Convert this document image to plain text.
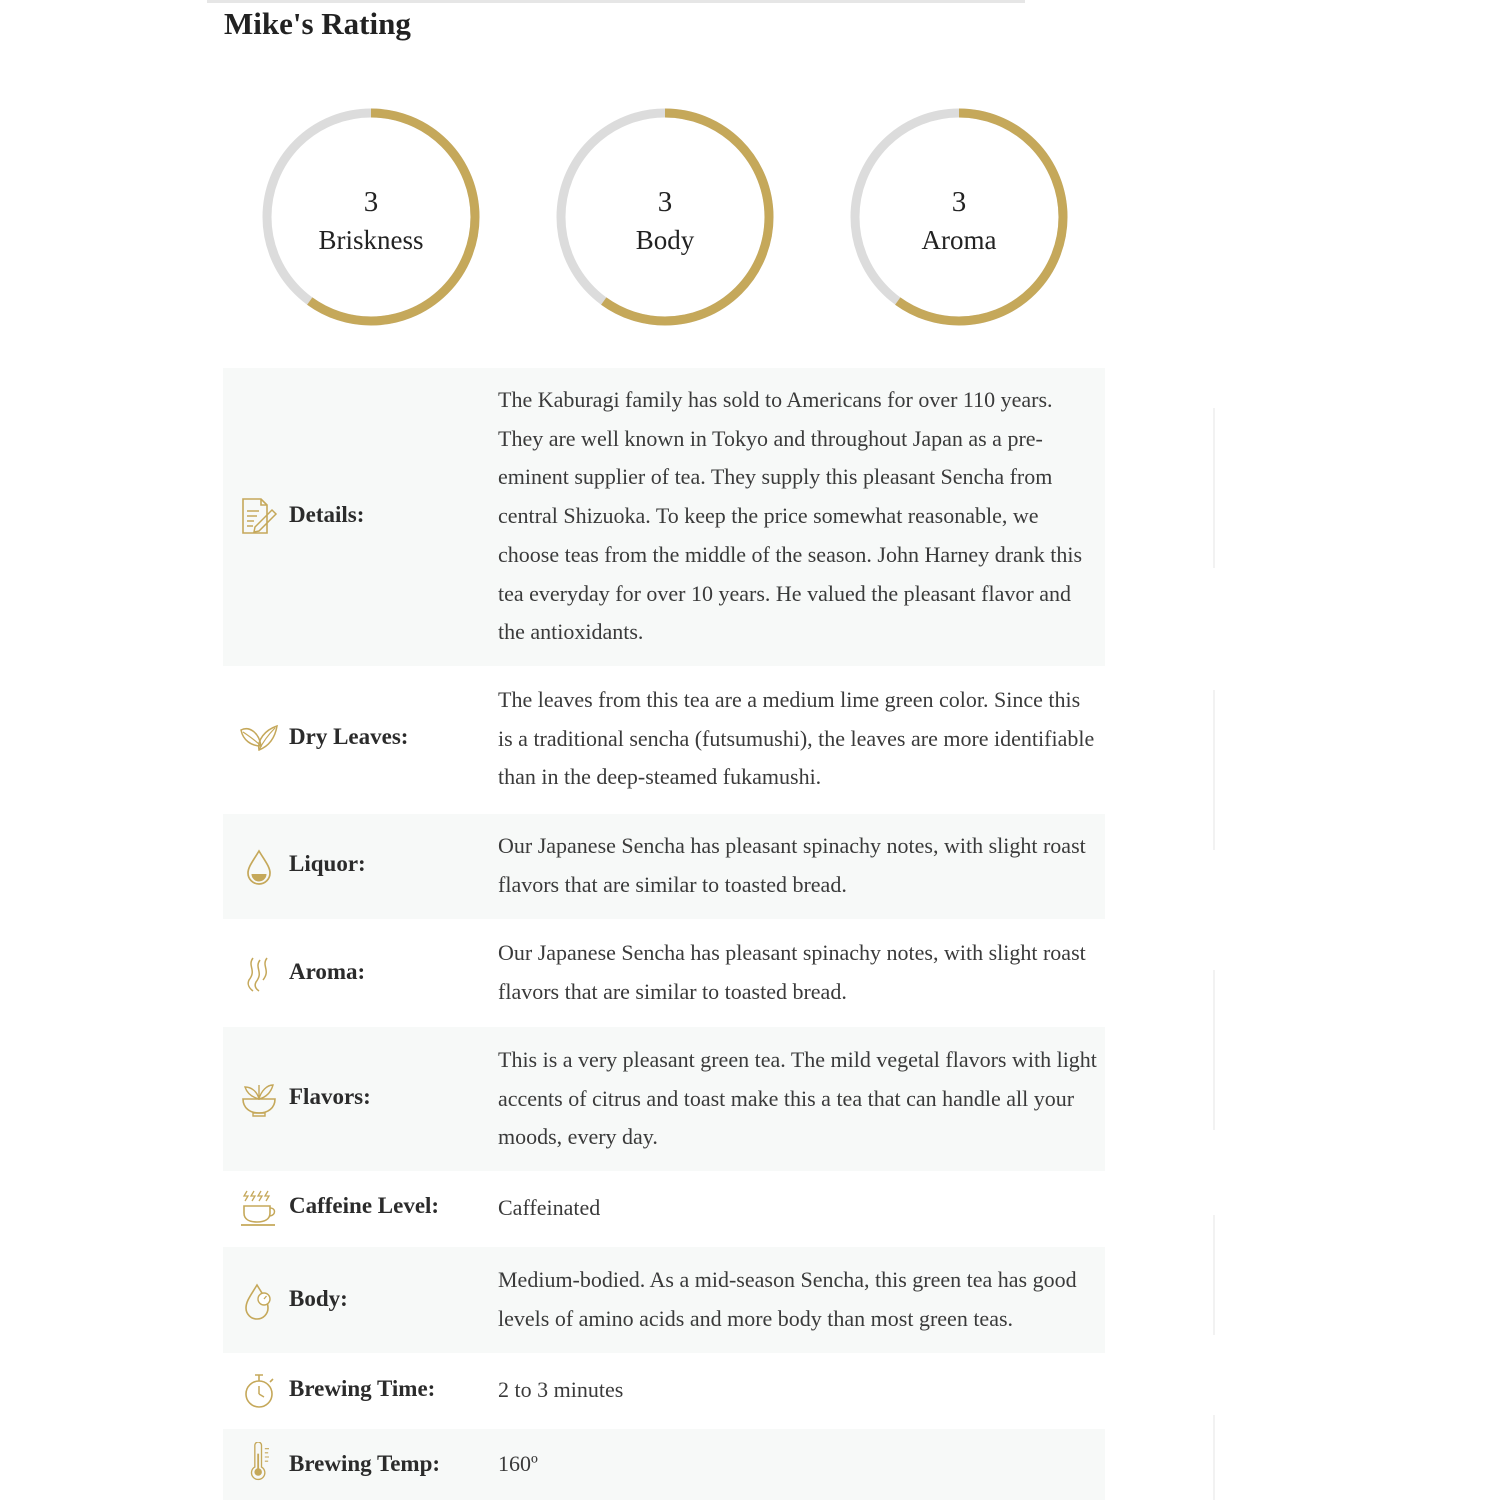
Mike's Rating
3
Briskness
3
Body
3
Aroma
Details:
The Kaburagi family has sold to Americans for over 110 years. They are well known in Tokyo and throughout Japan as a pre-eminent supplier of tea. They supply this pleasant Sencha from central Shizuoka. To keep the price somewhat reasonable, we choose teas from the middle of the season. John Harney drank this tea everyday for over 10 years. He valued the pleasant flavor and the antioxidants.
Dry Leaves:
The leaves from this tea are a medium lime green color. Since this is a traditional sencha (futsumushi), the leaves are more identifiable than in the deep-steamed fukamushi.
Liquor:
Our Japanese Sencha has pleasant spinachy notes, with slight roast flavors that are similar to toasted bread.
Aroma:
Our Japanese Sencha has pleasant spinachy notes, with slight roast flavors that are similar to toasted bread.
Flavors:
This is a very pleasant green tea. The mild vegetal flavors with light accents of citrus and toast make this a tea that can handle all your moods, every day.
Caffeine Level:	Caffeinated
Body:
Medium-bodied. As a mid-season Sencha, this green tea has good levels of amino acids and more body than most green teas.
Brewing Time:	2 to 3 minutes
Brewing Temp:	160º
